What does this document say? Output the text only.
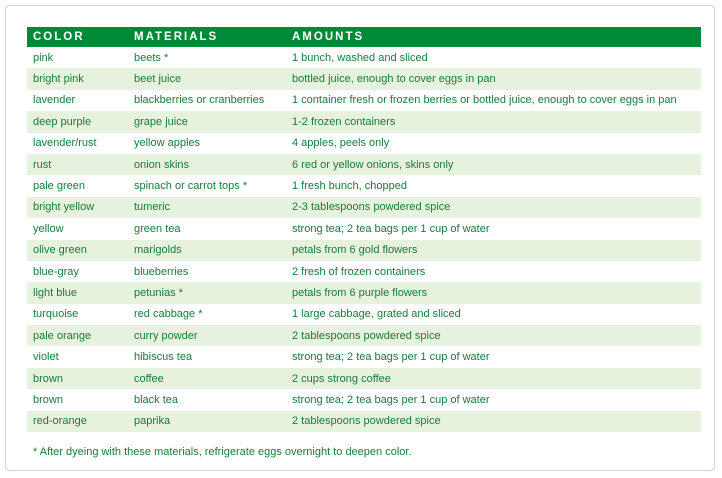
COLOR	MATERIALS	AMOUNTS
pink	beets *	1 bunch, washed and sliced
bright pink	beet juice	bottled juice, enough to cover eggs in pan
lavender	blackberries or cranberries	1 container fresh or frozen berries or bottled juice, enough to cover eggs in pan
deep purple	grape juice	1-2 frozen containers
lavender/rust	yellow apples	4 apples, peels only
rust	onion skins	6 red or yellow onions, skins only
pale green	spinach or carrot tops *	1 fresh bunch, chopped
bright yellow	tumeric	2-3 tablespoons powdered spice
yellow	green tea	strong tea; 2 tea bags per 1 cup of water
olive green	marigolds	petals from 6 gold flowers
blue-gray	blueberries	2 fresh of frozen containers
light blue	petunias *	petals from 6 purple flowers
turquoise	red cabbage *	1 large cabbage, grated and sliced
pale orange	curry powder	2 tablespoons powdered spice
violet	hibiscus tea	strong tea; 2 tea bags per 1 cup of water
brown	coffee	2 cups strong coffee
brown	black tea	strong tea; 2 tea bags per 1 cup of water
red-orange	paprika	2 tablespoons powdered spice
* After dyeing with these materials, refrigerate eggs overnight to deepen color.
